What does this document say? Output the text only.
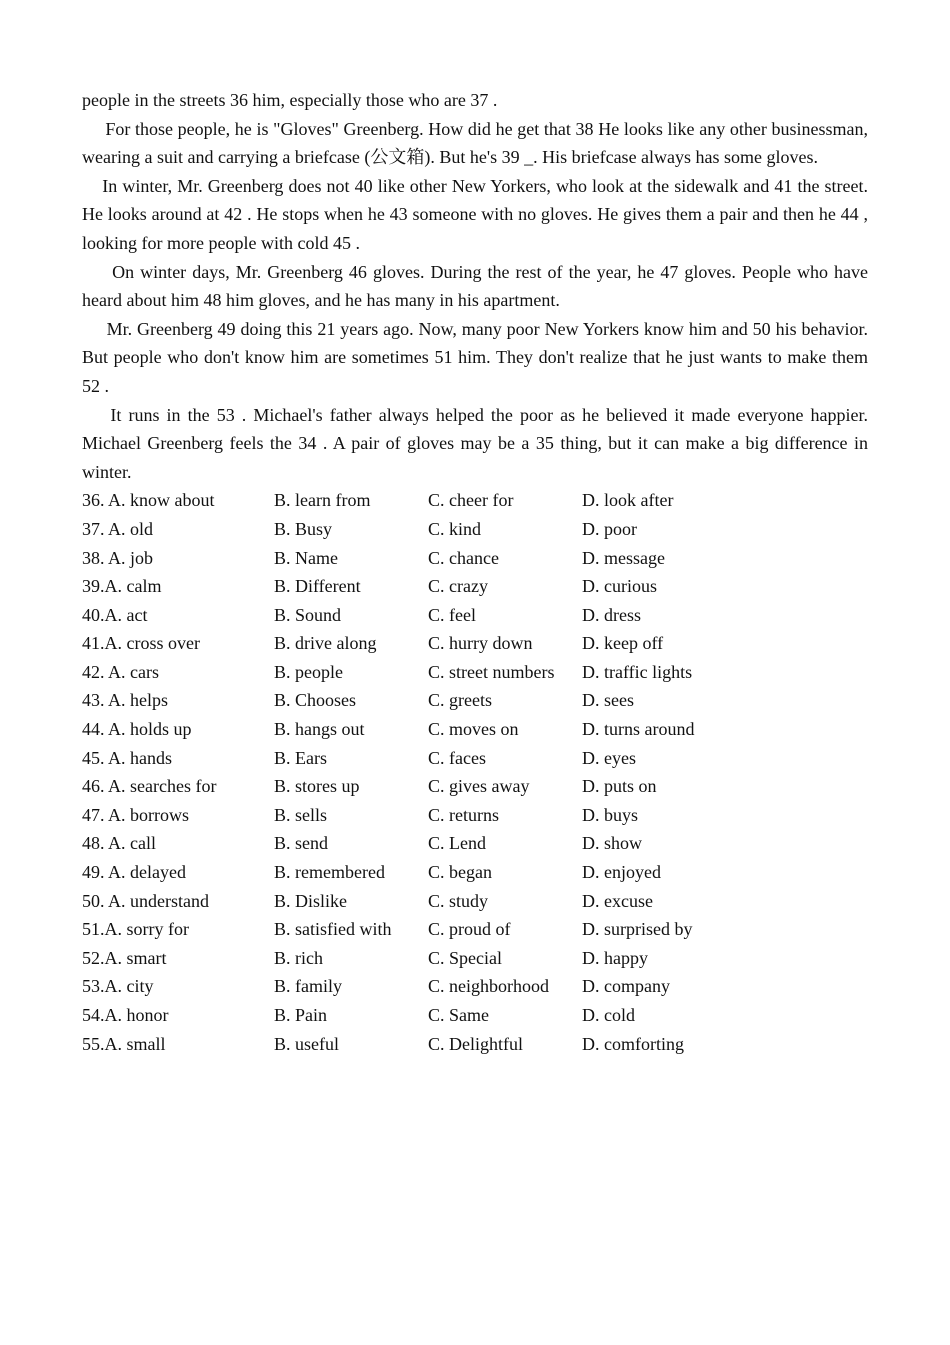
people in the streets 36 him, especially those who are 37 .

For those people, he is "Gloves" Greenberg. How did he get that 38 He looks like any other businessman, wearing a suit and carrying a briefcase (公文箱). But he's 39 _. His briefcase always has some gloves.

In winter, Mr. Greenberg does not 40 like other New Yorkers, who look at the sidewalk and 41 the street. He looks around at 42 . He stops when he 43 someone with no gloves. He gives them a pair and then he 44 , looking for more people with cold 45 .

On winter days, Mr. Greenberg 46 gloves. During the rest of the year, he 47 gloves. People who have heard about him 48 him gloves, and he has many in his apartment.

Mr. Greenberg 49 doing this 21 years ago. Now, many poor New Yorkers know him and 50 his behavior. But people who don't know him are sometimes 51 him. They don't realize that he just wants to make them 52 .

It runs in the 53 . Michael's father always helped the poor as he believed it made everyone happier. Michael Greenberg feels the 34 . A pair of gloves may be a 35 thing, but it can make a big difference in winter.

36. A. know about	B. learn from	C. cheer for	D. look after
37. A. old	B. Busy	C. kind	D. poor
38. A. job	B. Name	C. chance	D. message
39.A. calm	B. Different	C. crazy	D. curious
40.A. act	B. Sound	C. feel	D. dress
41.A. cross over	B. drive along	C. hurry down	D. keep off
42. A. cars	B. people	C. street numbers D. traffic lights
43. A. helps	B. Chooses	C. greets	D. sees
44. A. holds up	B. hangs out	C. moves on	D. turns around
45. A. hands	B. Ears	C. faces	D. eyes
46. A. searches for	B. stores up	C. gives away	D. puts on
47. A. borrows	B. sells	C. returns	D. buys
48. A. call	B. send	C. Lend	D. show
49. A. delayed	B. remembered C. began	D. enjoyed
50. A. understand	B. Dislike	C. study	D. excuse
51.A. sorry for	B. satisfied with C. proud of	D. surprised by
52.A. smart	B. rich	C. Special	D. happy
53.A. city	B. family	C. neighborhood D. company
54.A. honor	B. Pain	C. Same	D. cold
55.A. small	B. useful	C. Delightful	D. comforting
